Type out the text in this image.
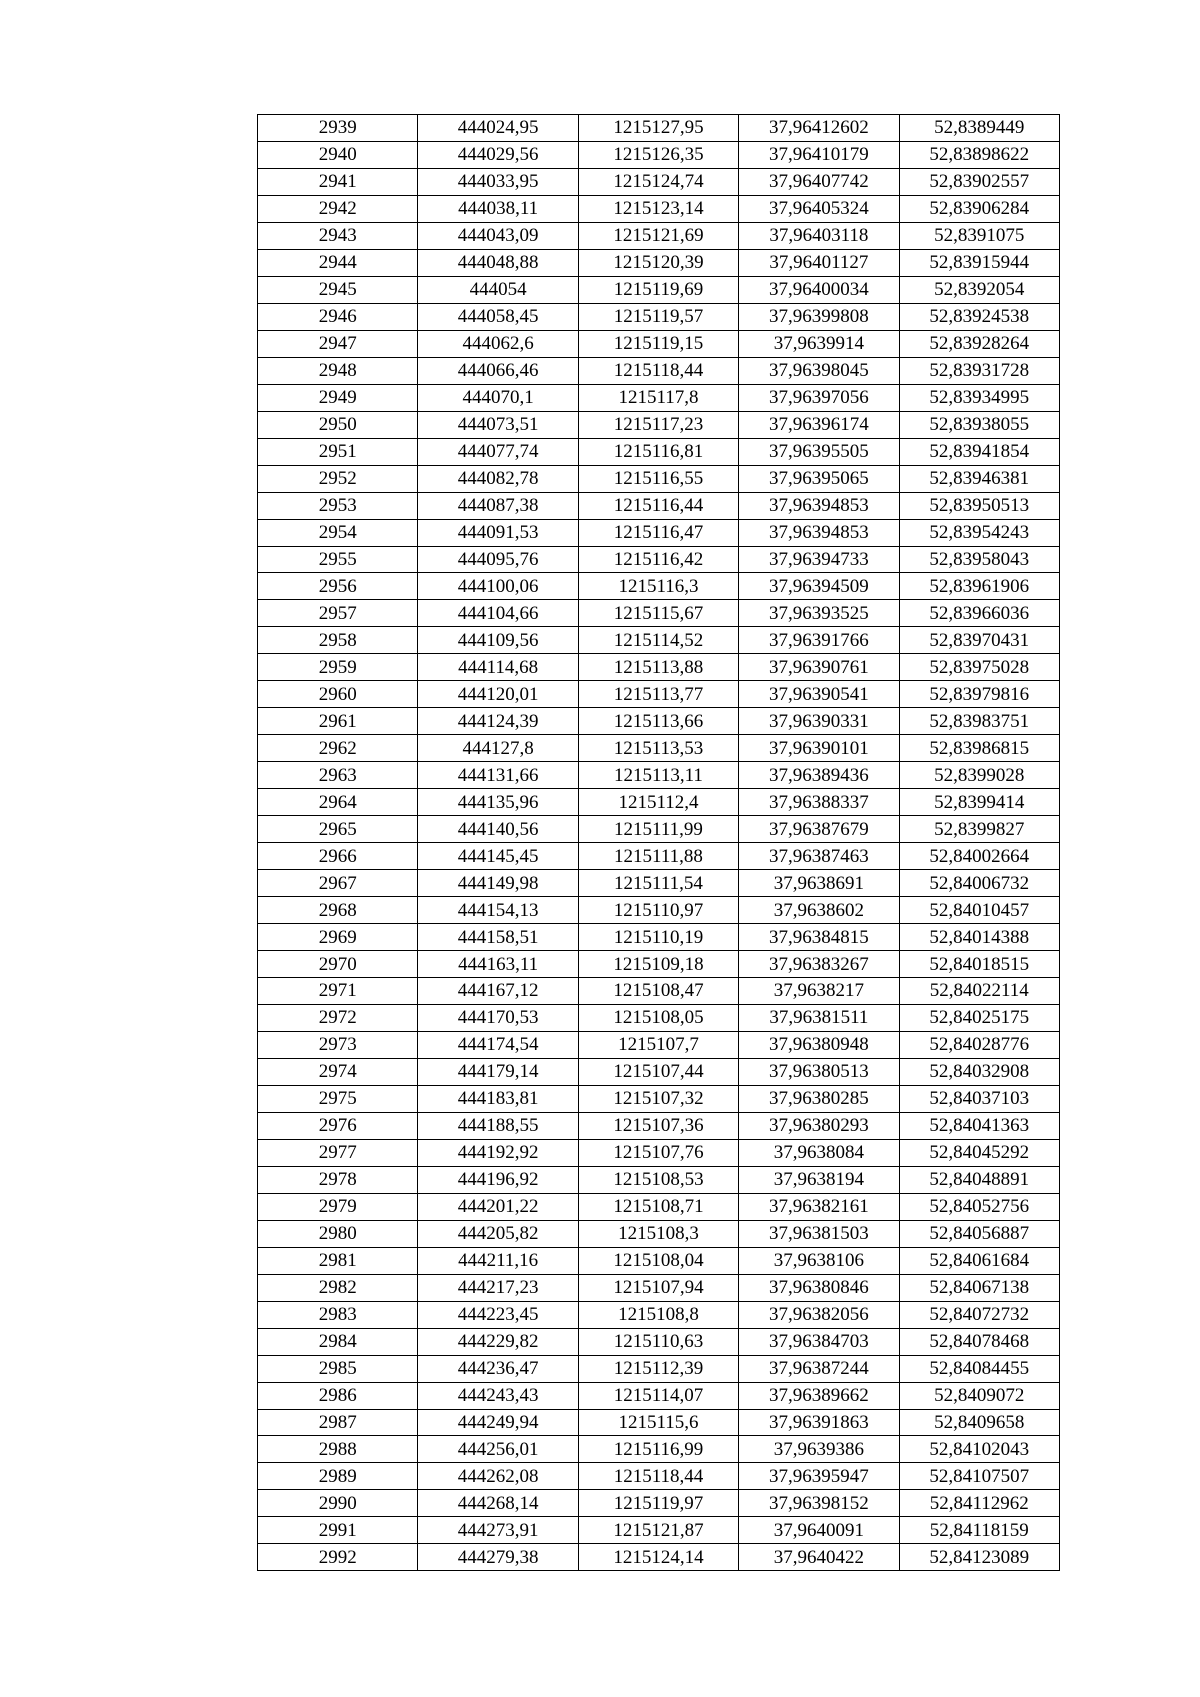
2939	444024,95	1215127,95	37,96412602	52,8389449
2940	444029,56	1215126,35	37,96410179	52,83898622
2941	444033,95	1215124,74	37,96407742	52,83902557
2942	444038,11	1215123,14	37,96405324	52,83906284
2943	444043,09	1215121,69	37,96403118	52,8391075
2944	444048,88	1215120,39	37,96401127	52,83915944
2945	444054	1215119,69	37,96400034	52,8392054
2946	444058,45	1215119,57	37,96399808	52,83924538
2947	444062,6	1215119,15	37,9639914	52,83928264
2948	444066,46	1215118,44	37,96398045	52,83931728
2949	444070,1	1215117,8	37,96397056	52,83934995
2950	444073,51	1215117,23	37,96396174	52,83938055
2951	444077,74	1215116,81	37,96395505	52,83941854
2952	444082,78	1215116,55	37,96395065	52,83946381
2953	444087,38	1215116,44	37,96394853	52,83950513
2954	444091,53	1215116,47	37,96394853	52,83954243
2955	444095,76	1215116,42	37,96394733	52,83958043
2956	444100,06	1215116,3	37,96394509	52,83961906
2957	444104,66	1215115,67	37,96393525	52,83966036
2958	444109,56	1215114,52	37,96391766	52,83970431
2959	444114,68	1215113,88	37,96390761	52,83975028
2960	444120,01	1215113,77	37,96390541	52,83979816
2961	444124,39	1215113,66	37,96390331	52,83983751
2962	444127,8	1215113,53	37,96390101	52,83986815
2963	444131,66	1215113,11	37,96389436	52,8399028
2964	444135,96	1215112,4	37,96388337	52,8399414
2965	444140,56	1215111,99	37,96387679	52,8399827
2966	444145,45	1215111,88	37,96387463	52,84002664
2967	444149,98	1215111,54	37,9638691	52,84006732
2968	444154,13	1215110,97	37,9638602	52,84010457
2969	444158,51	1215110,19	37,96384815	52,84014388
2970	444163,11	1215109,18	37,96383267	52,84018515
2971	444167,12	1215108,47	37,9638217	52,84022114
2972	444170,53	1215108,05	37,96381511	52,84025175
2973	444174,54	1215107,7	37,96380948	52,84028776
2974	444179,14	1215107,44	37,96380513	52,84032908
2975	444183,81	1215107,32	37,96380285	52,84037103
2976	444188,55	1215107,36	37,96380293	52,84041363
2977	444192,92	1215107,76	37,9638084	52,84045292
2978	444196,92	1215108,53	37,9638194	52,84048891
2979	444201,22	1215108,71	37,96382161	52,84052756
2980	444205,82	1215108,3	37,96381503	52,84056887
2981	444211,16	1215108,04	37,9638106	52,84061684
2982	444217,23	1215107,94	37,96380846	52,84067138
2983	444223,45	1215108,8	37,96382056	52,84072732
2984	444229,82	1215110,63	37,96384703	52,84078468
2985	444236,47	1215112,39	37,96387244	52,84084455
2986	444243,43	1215114,07	37,96389662	52,8409072
2987	444249,94	1215115,6	37,96391863	52,8409658
2988	444256,01	1215116,99	37,9639386	52,84102043
2989	444262,08	1215118,44	37,96395947	52,84107507
2990	444268,14	1215119,97	37,96398152	52,84112962
2991	444273,91	1215121,87	37,9640091	52,84118159
2992	444279,38	1215124,14	37,9640422	52,84123089
